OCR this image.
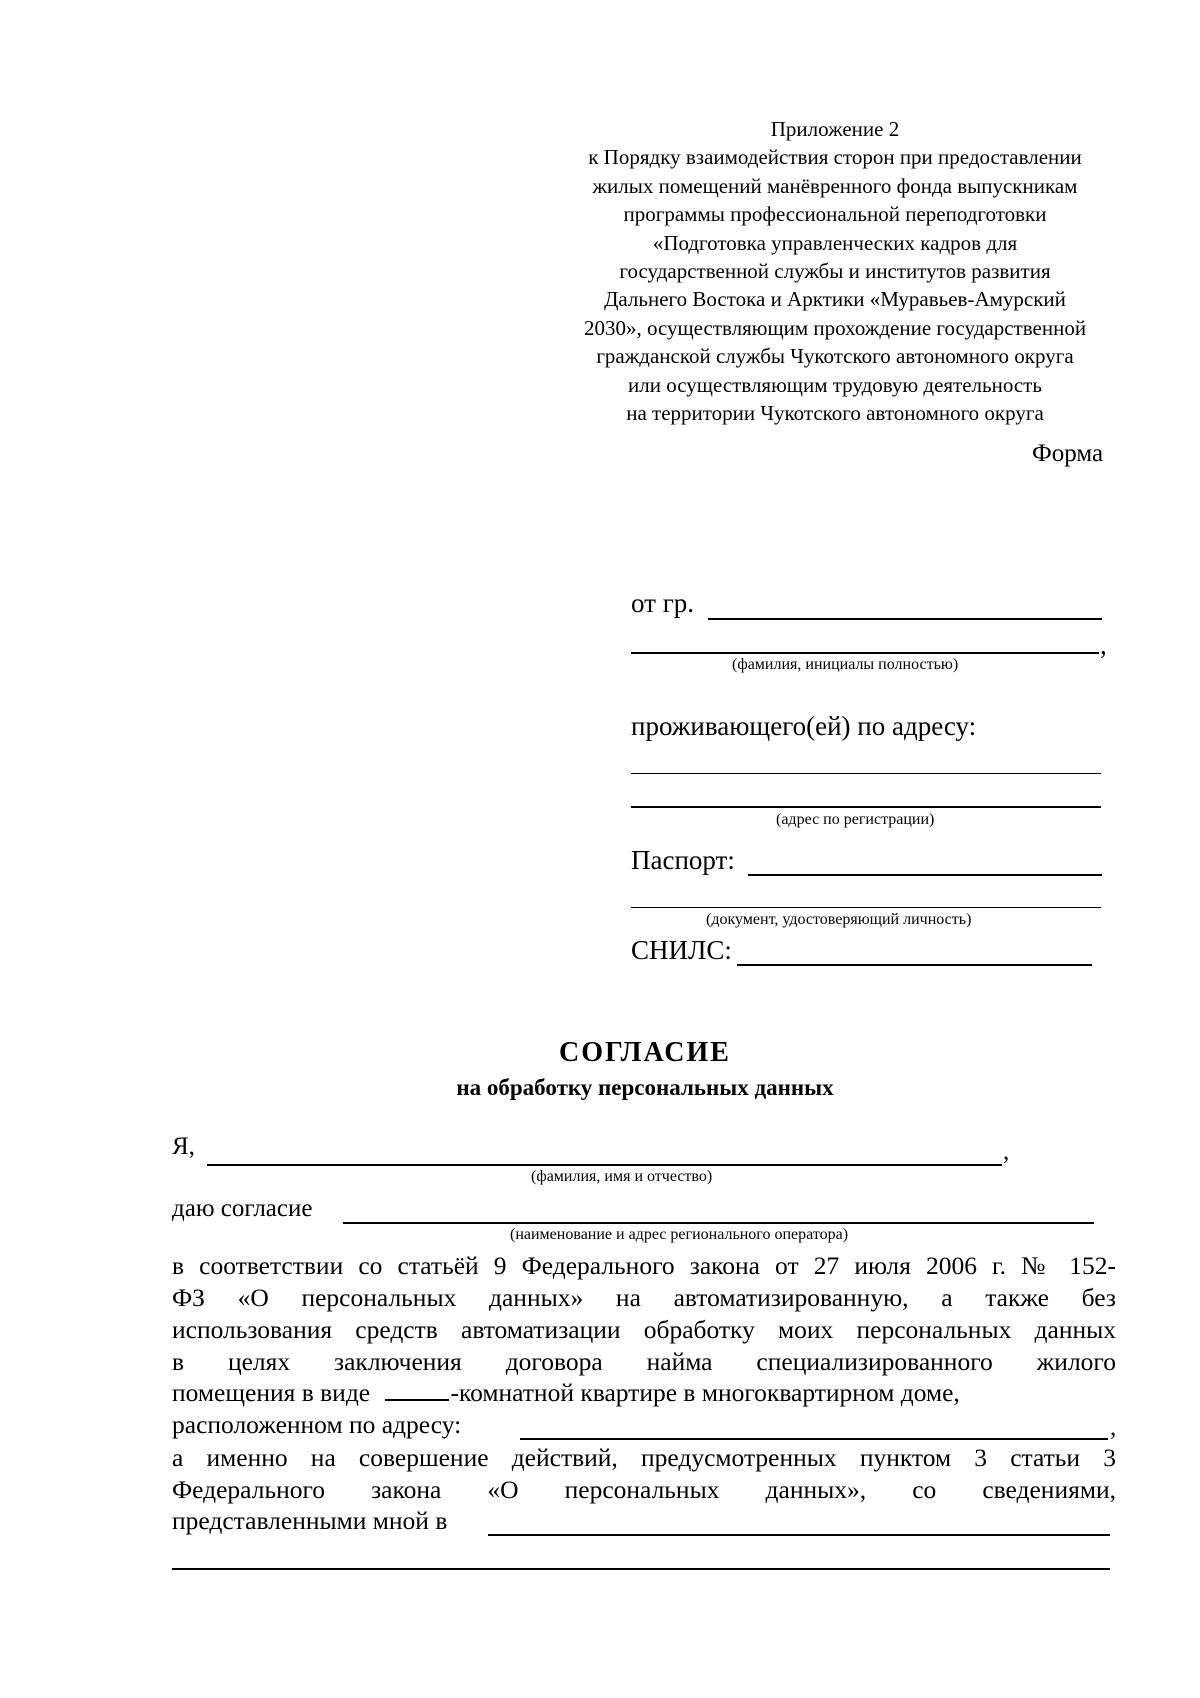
Приложение 2
к Порядку взаимодействия сторон при предоставлении
жилых помещений манёвренного фонда выпускникам
программы профессиональной переподготовки
«Подготовка управленческих кадров для
государственной службы и институтов развития
Дальнего Востока и Арктики «Муравьев-Амурский
2030», осуществляющим прохождение государственной
гражданской службы Чукотского автономного округа
или осуществляющим трудовую деятельность
на территории Чукотского автономного округа
Форма
от гр.
,
(фамилия, инициалы полностью)
проживающего(ей) по адресу:
(адрес по регистрации)
Паспорт:
(документ, удостоверяющий личность)
СНИЛС:
СОГЛАСИЕ
на обработку персональных данных
Я,	,
(фамилия, имя и отчество)
даю согласие
(наименование и адрес регионального оператора)
в соответствии со статьёй 9 Федерального закона от 27 июля 2006 г. № 152-
ФЗ «О персональных данных» на автоматизированную, а также без
использования средств автоматизации обработку моих персональных данных
в целях заключения договора найма специализированного жилого
помещения в виде	-комнатной квартире в многоквартирном доме,
расположенном по адресу:	,
а именно на совершение действий, предусмотренных пунктом 3 статьи 3
Федерального закона «О персональных данных», со сведениями,
представленными мной в
